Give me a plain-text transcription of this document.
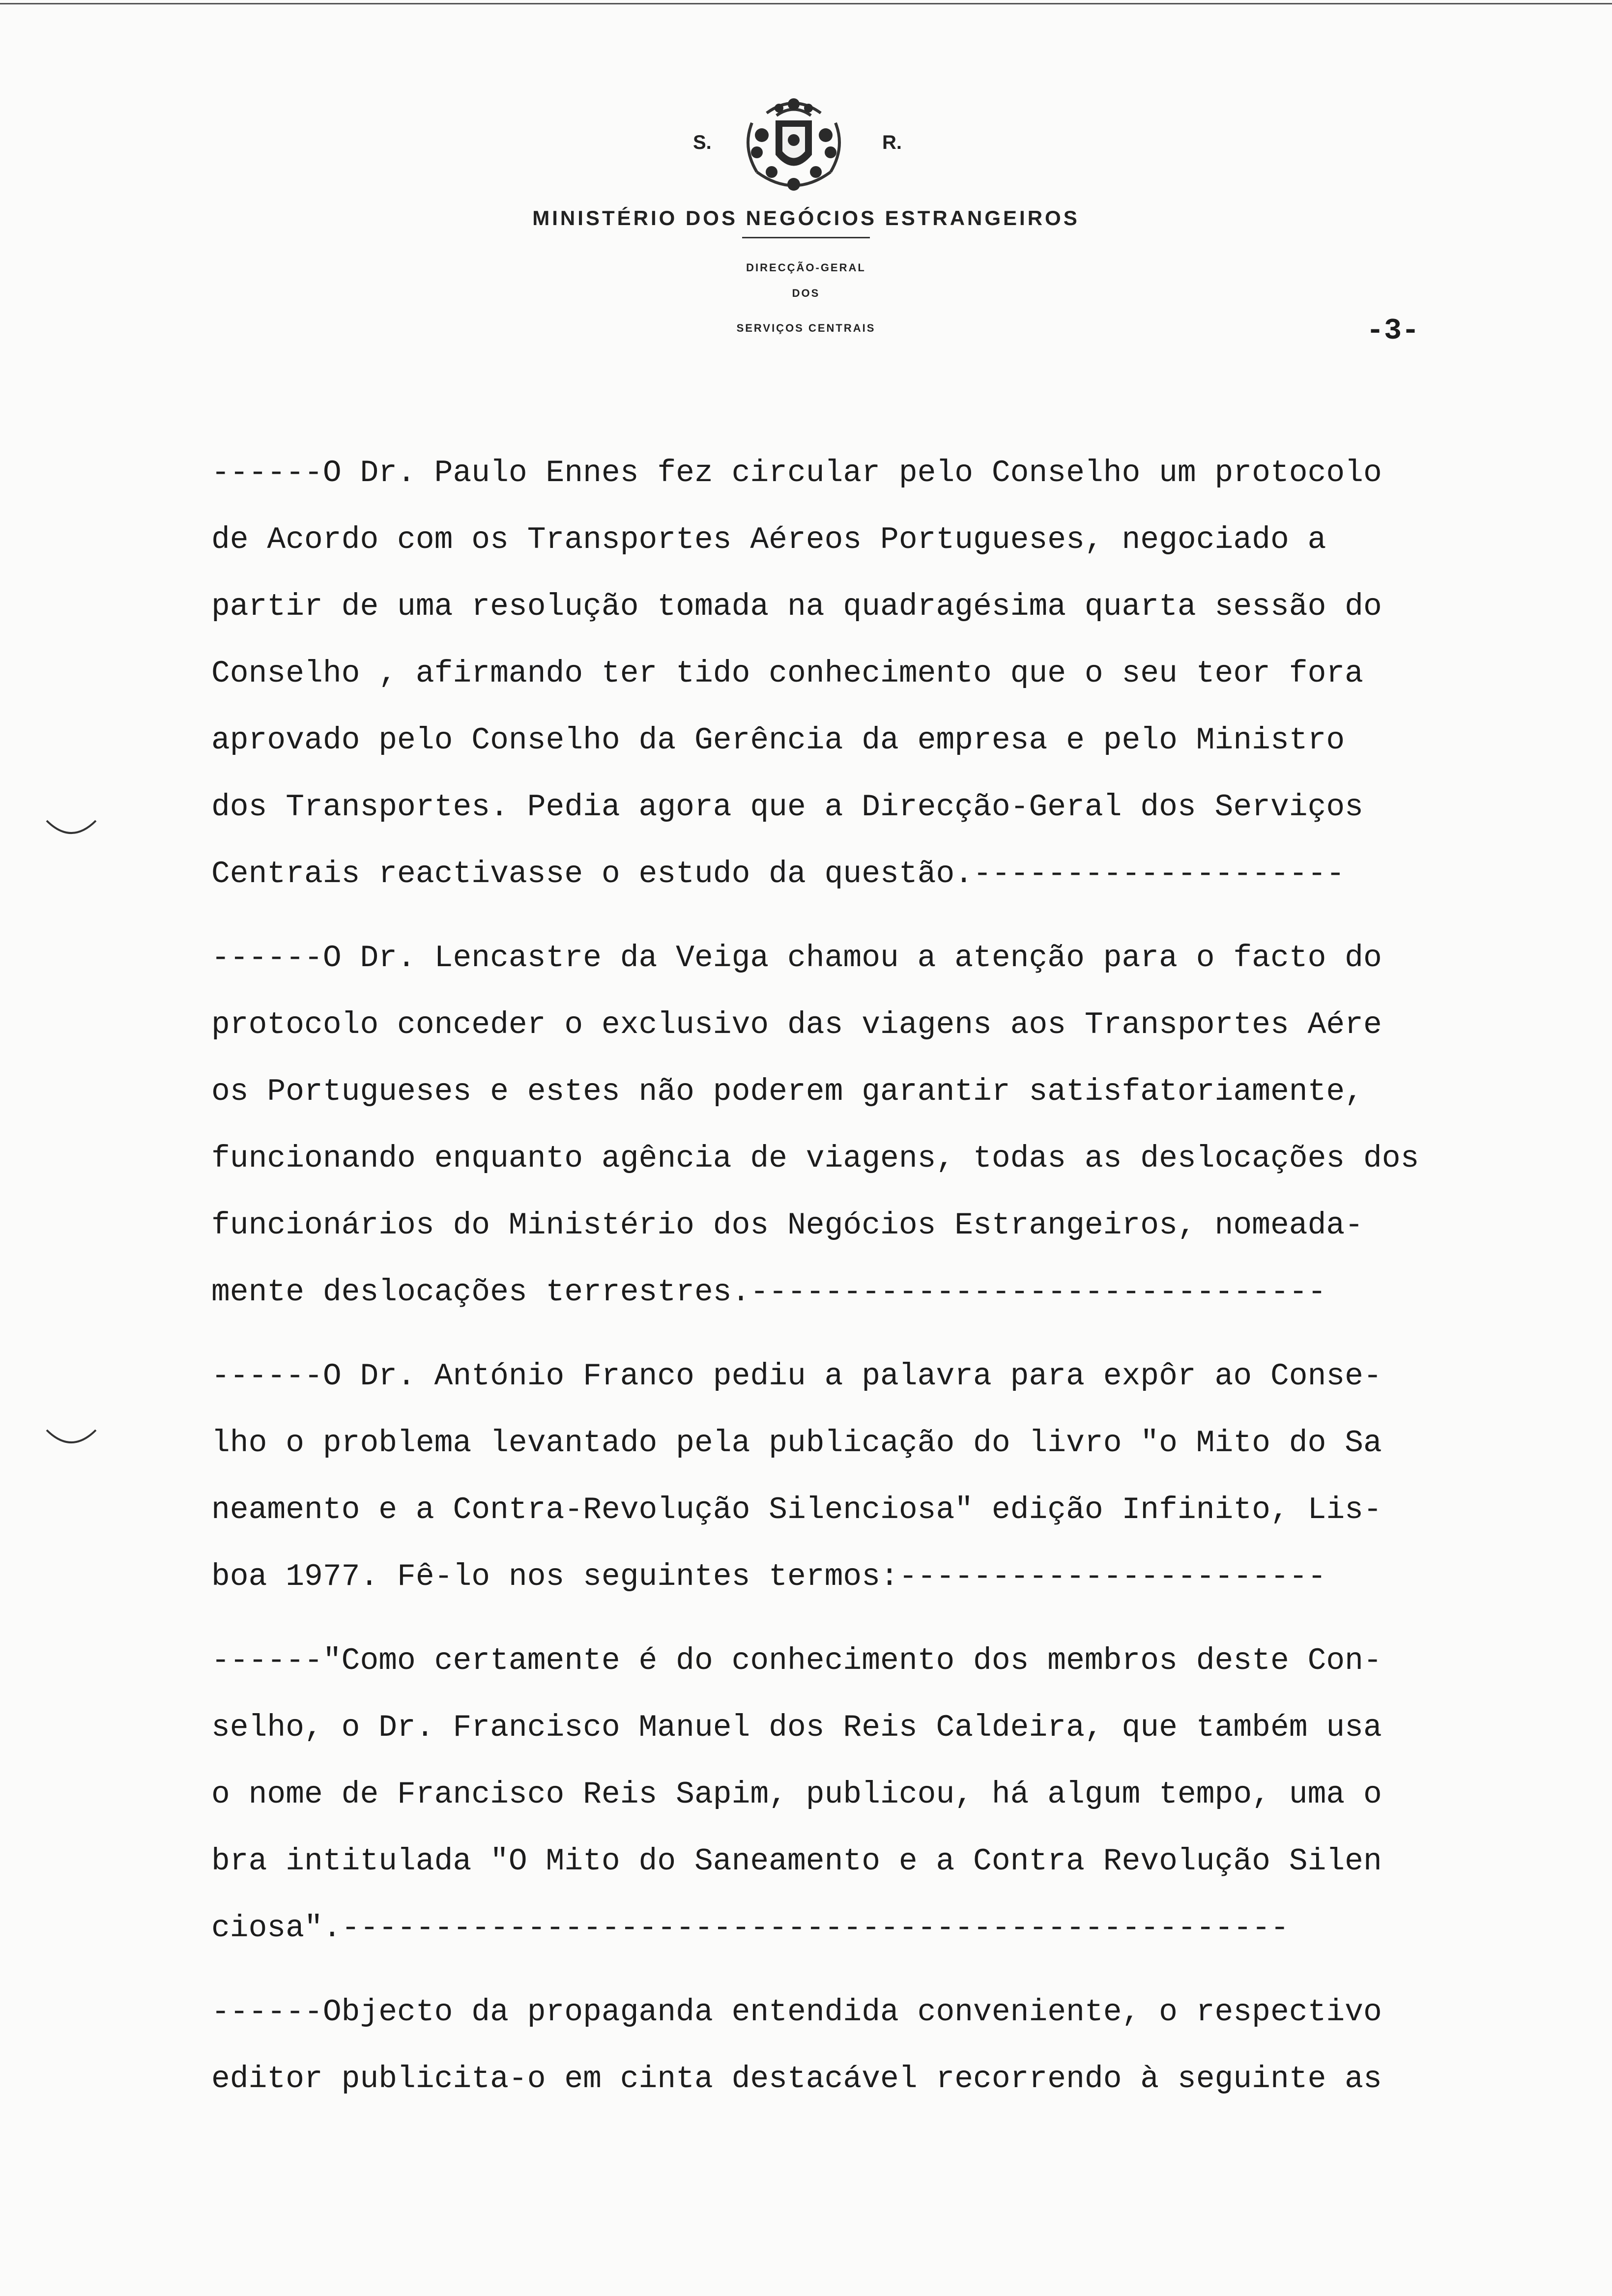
S.	R.
MINISTÉRIO DOS NEGÓCIOS ESTRANGEIROS
DIRECÇÃO-GERAL
DOS
SERVIÇOS CENTRAIS	-3-
------O Dr. Paulo Ennes fez circular pelo Conselho um protocolo
de Acordo com os Transportes Aéreos Portugueses, negociado a
partir de uma resolução tomada na quadragésima quarta sessão do
Conselho , afirmando ter tido conhecimento que o seu teor fora
aprovado pelo Conselho da Gerência da empresa e pelo Ministro
dos Transportes. Pedia agora que a Direcção-Geral dos Serviços
Centrais reactivasse o estudo da questão.--------------------
------O Dr. Lencastre da Veiga chamou a atenção para o facto do
protocolo conceder o exclusivo das viagens aos Transportes Aére
os Portugueses e estes não poderem garantir satisfatoriamente,
funcionando enquanto agência de viagens, todas as deslocações dos
funcionários do Ministério dos Negócios Estrangeiros, nomeada-
mente deslocações terrestres.-------------------------------
------O Dr. António Franco pediu a palavra para expôr ao Conse-
lho o problema levantado pela publicação do livro "o Mito do Sa
neamento e a Contra-Revolução Silenciosa" edição Infinito, Lis-
boa 1977. Fê-lo nos seguintes termos:-----------------------
------"Como certamente é do conhecimento dos membros deste Con-
selho, o Dr. Francisco Manuel dos Reis Caldeira, que também usa
o nome de Francisco Reis Sapim, publicou, há algum tempo, uma o
bra intitulada "O Mito do Saneamento e a Contra Revolução Silen
ciosa".---------------------------------------------------
------Objecto da propaganda entendida conveniente, o respectivo
editor publicita-o em cinta destacável recorrendo à seguinte as
